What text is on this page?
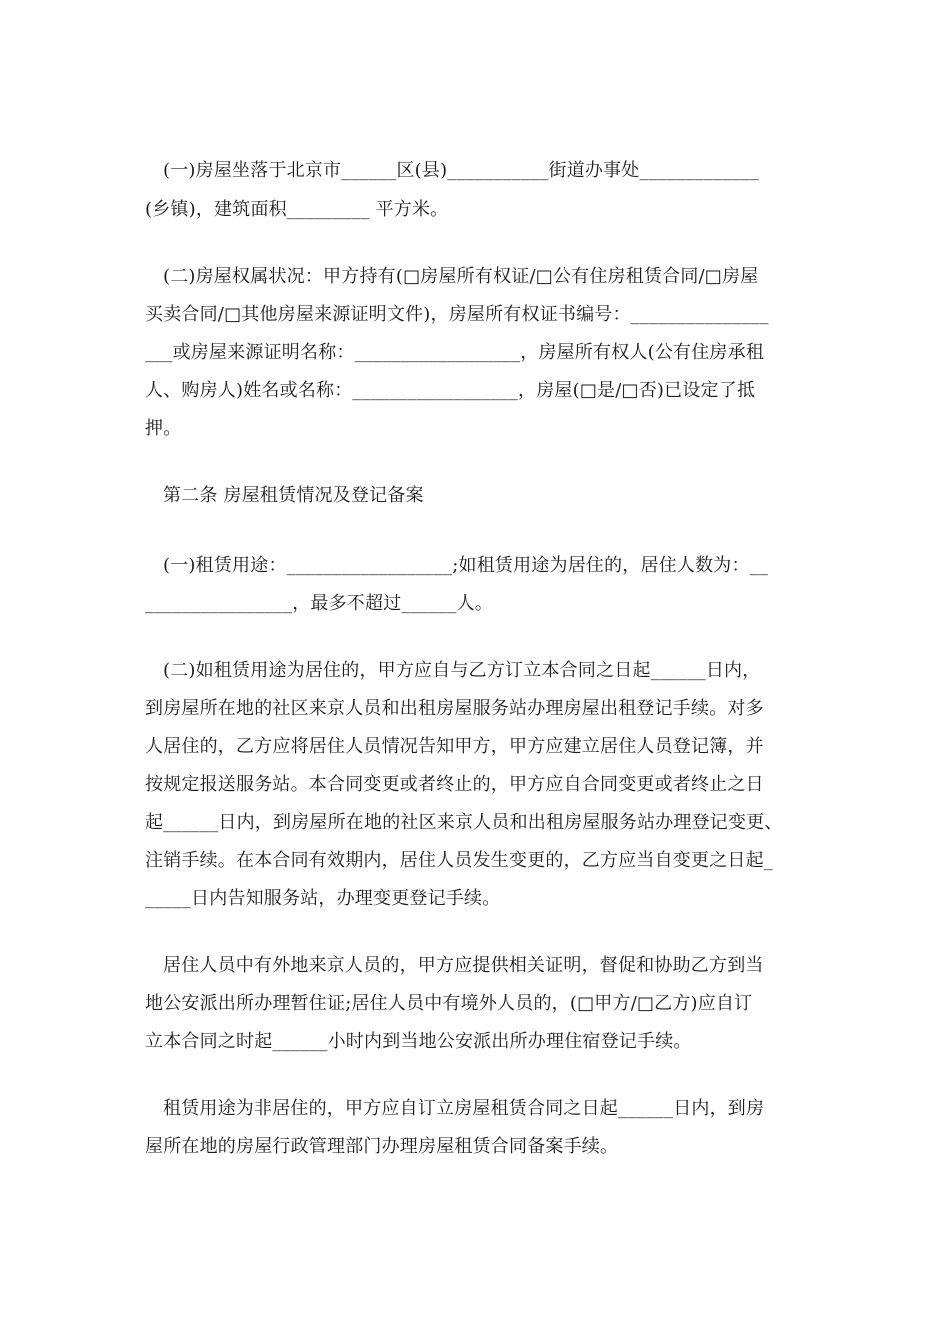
(一)房屋坐落于北京市______区(县)___________街道办事处_____________
(乡镇)，建筑面积_________ 平方米。
(二)房屋权属状况：甲方持有(□房屋所有权证/□公有住房租赁合同/□房屋
买卖合同/□其他房屋来源证明文件)，房屋所有权证书编号：_______________
___或房屋来源证明名称：__________________，房屋所有权人(公有住房承租
人、购房人)姓名或名称：__________________，房屋(□是/□否)已设定了抵
押。
第二条 房屋租赁情况及登记备案
(一)租赁用途：__________________;如租赁用途为居住的，居住人数为：__
________________，最多不超过______人。
(二)如租赁用途为居住的，甲方应自与乙方订立本合同之日起______日内，
到房屋所在地的社区来京人员和出租房屋服务站办理房屋出租登记手续。对多
人居住的，乙方应将居住人员情况告知甲方，甲方应建立居住人员登记簿，并
按规定报送服务站。本合同变更或者终止的，甲方应自合同变更或者终止之日
起______日内，到房屋所在地的社区来京人员和出租房屋服务站办理登记变更、
注销手续。在本合同有效期内，居住人员发生变更的，乙方应当自变更之日起_
_____日内告知服务站，办理变更登记手续。
居住人员中有外地来京人员的，甲方应提供相关证明，督促和协助乙方到当
地公安派出所办理暂住证;居住人员中有境外人员的，(□甲方/□乙方)应自订
立本合同之时起______小时内到当地公安派出所办理住宿登记手续。
租赁用途为非居住的，甲方应自订立房屋租赁合同之日起______日内，到房
屋所在地的房屋行政管理部门办理房屋租赁合同备案手续。
